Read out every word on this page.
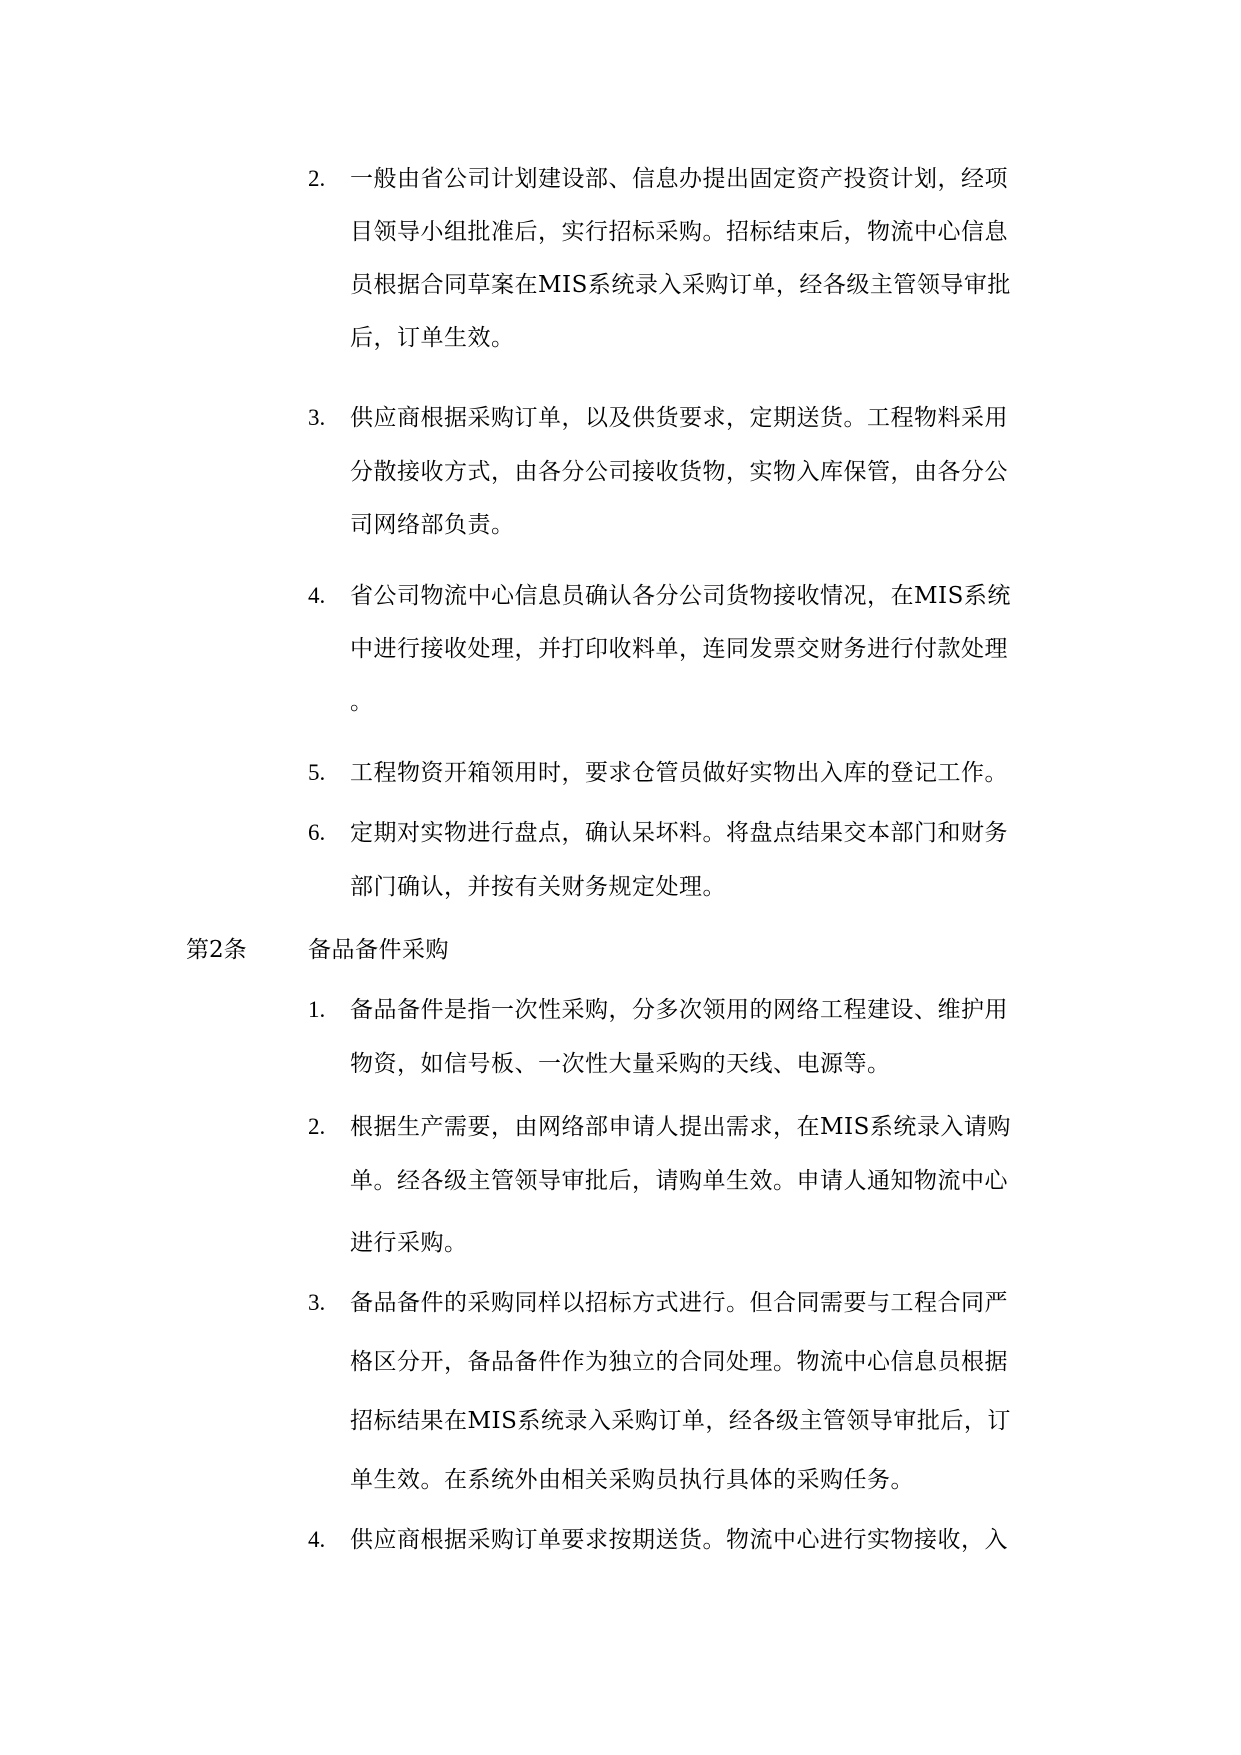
2. 一般由省公司计划建设部、信息办提出固定资产投资计划，经项
目领导小组批准后，实行招标采购。招标结束后，物流中心信息
员根据合同草案在MIS系统录入采购订单，经各级主管领导审批
后，订单生效。
3. 供应商根据采购订单，以及供货要求，定期送货。工程物料采用
分散接收方式，由各分公司接收货物，实物入库保管，由各分公
司网络部负责。
4. 省公司物流中心信息员确认各分公司货物接收情况，在MIS系统
中进行接收处理，并打印收料单，连同发票交财务进行付款处理
。
5. 工程物资开箱领用时，要求仓管员做好实物出入库的登记工作。
6. 定期对实物进行盘点，确认呆坏料。将盘点结果交本部门和财务
部门确认，并按有关财务规定处理。
第2条	备品备件采购
1. 备品备件是指一次性采购，分多次领用的网络工程建设、维护用
物资，如信号板、一次性大量采购的天线、电源等。
2. 根据生产需要，由网络部申请人提出需求，在MIS系统录入请购
单。经各级主管领导审批后，请购单生效。申请人通知物流中心
进行采购。
3. 备品备件的采购同样以招标方式进行。但合同需要与工程合同严
格区分开，备品备件作为独立的合同处理。物流中心信息员根据
招标结果在MIS系统录入采购订单，经各级主管领导审批后，订
单生效。在系统外由相关采购员执行具体的采购任务。
4. 供应商根据采购订单要求按期送货。物流中心进行实物接收，入
